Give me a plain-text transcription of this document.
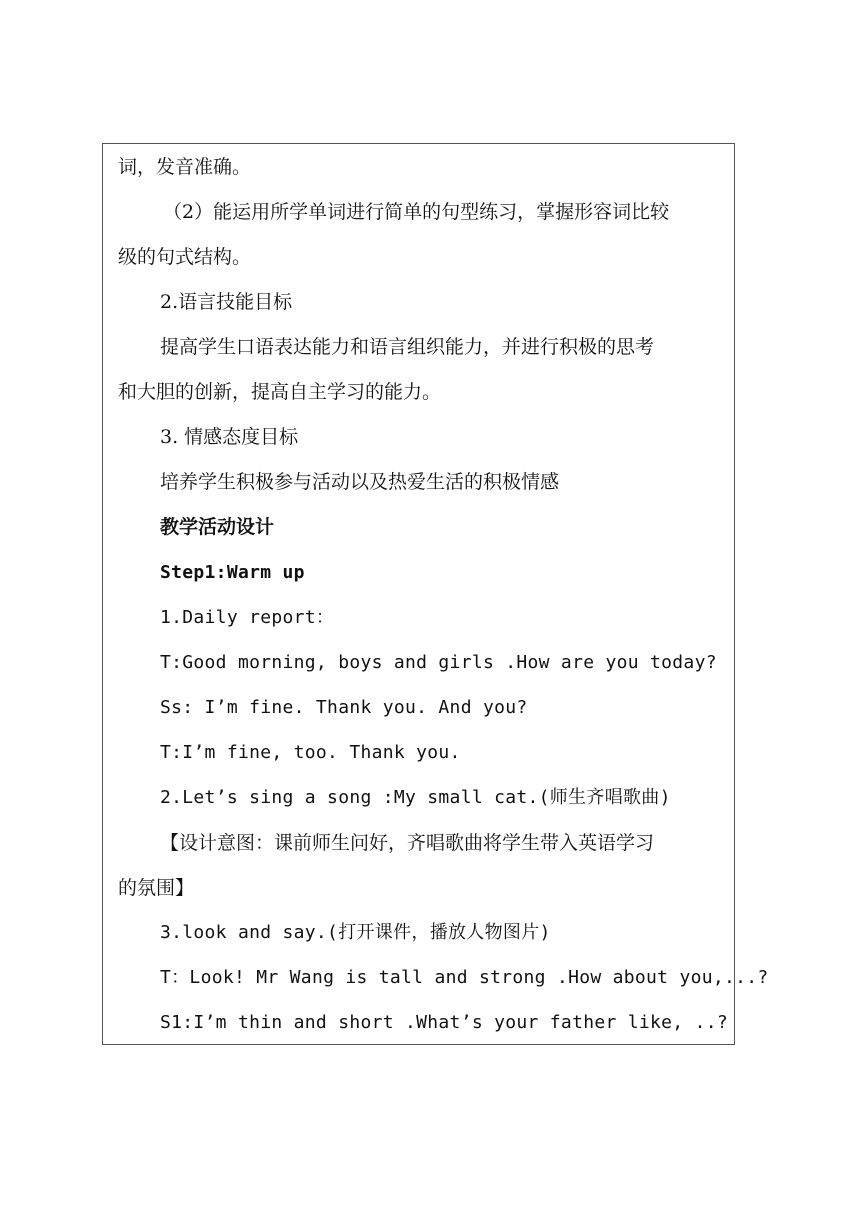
词，发音准确。
（2）能运用所学单词进行简单的句型练习，掌握形容词比较
级的句式结构。
2.语言技能目标
提高学生口语表达能力和语言组织能力，并进行积极的思考
和大胆的创新，提高自主学习的能力。
3. 情感态度目标
培养学生积极参与活动以及热爱生活的积极情感
教学活动设计
Step1:Warm up
1.Daily report：
T:Good morning, boys and girls .How are you today?
Ss: I’m fine. Thank you. And you?
T:I’m fine, too. Thank you.
2.Let’s sing a song :My small cat.(师生齐唱歌曲)
【设计意图：课前师生问好，齐唱歌曲将学生带入英语学习
的氛围】
3.look and say.(打开课件，播放人物图片)
T：Look! Mr Wang is tall and strong .How about you,...?
S1:I’m thin and short .What’s your father like, ..?
